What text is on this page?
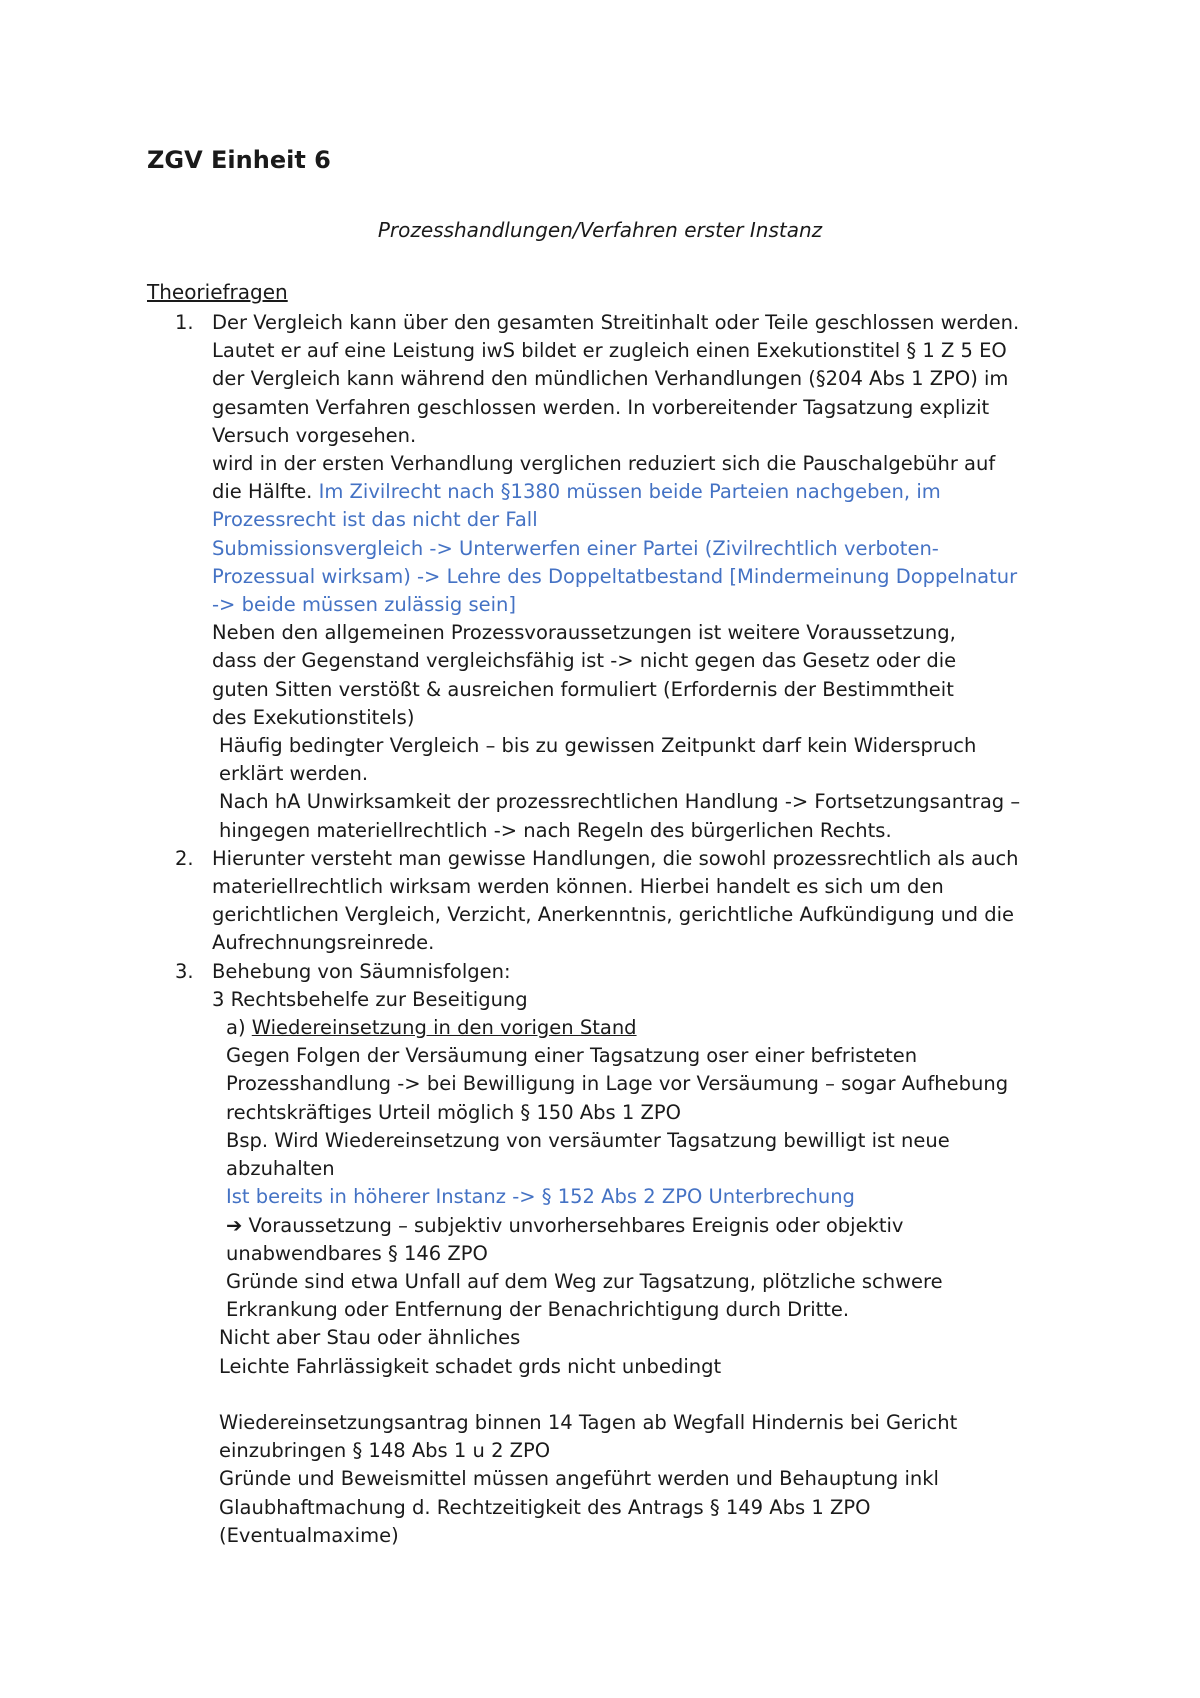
ZGV Einheit 6
Prozesshandlungen/Verfahren erster Instanz
Theoriefragen
1. Der Vergleich kann über den gesamten Streitinhalt oder Teile geschlossen werden.
Lautet er auf eine Leistung iwS bildet er zugleich einen Exekutionstitel § 1 Z 5 EO
der Vergleich kann während den mündlichen Verhandlungen (§204 Abs 1 ZPO) im
gesamten Verfahren geschlossen werden. In vorbereitender Tagsatzung explizit
Versuch vorgesehen.
wird in der ersten Verhandlung verglichen reduziert sich die Pauschalgebühr auf
die Hälfte. Im Zivilrecht nach §1380 müssen beide Parteien nachgeben, im
Prozessrecht ist das nicht der Fall
Submissionsvergleich -> Unterwerfen einer Partei (Zivilrechtlich verboten-
Prozessual wirksam) -> Lehre des Doppeltatbestand [Mindermeinung Doppelnatur
-> beide müssen zulässig sein]
Neben den allgemeinen Prozessvoraussetzungen ist weitere Voraussetzung,
dass der Gegenstand vergleichsfähig ist -> nicht gegen das Gesetz oder die
guten Sitten verstößt & ausreichen formuliert (Erfordernis der Bestimmtheit
des Exekutionstitels)
Häufig bedingter Vergleich – bis zu gewissen Zeitpunkt darf kein Widerspruch
erklärt werden.
Nach hA Unwirksamkeit der prozessrechtlichen Handlung -> Fortsetzungsantrag –
hingegen materiellrechtlich -> nach Regeln des bürgerlichen Rechts.
2. Hierunter versteht man gewisse Handlungen, die sowohl prozessrechtlich als auch
materiellrechtlich wirksam werden können. Hierbei handelt es sich um den
gerichtlichen Vergleich, Verzicht, Anerkenntnis, gerichtliche Aufkündigung und die
Aufrechnungsreinrede.
3. Behebung von Säumnisfolgen:
3 Rechtsbehelfe zur Beseitigung
a) Wiedereinsetzung in den vorigen Stand
Gegen Folgen der Versäumung einer Tagsatzung oser einer befristeten
Prozesshandlung -> bei Bewilligung in Lage vor Versäumung – sogar Aufhebung
rechtskräftiges Urteil möglich § 150 Abs 1 ZPO
Bsp. Wird Wiedereinsetzung von versäumter Tagsatzung bewilligt ist neue
abzuhalten
Ist bereits in höherer Instanz -> § 152 Abs 2 ZPO Unterbrechung
➔ Voraussetzung – subjektiv unvorhersehbares Ereignis oder objektiv
unabwendbares § 146 ZPO
Gründe sind etwa Unfall auf dem Weg zur Tagsatzung, plötzliche schwere
Erkrankung oder Entfernung der Benachrichtigung durch Dritte.
Nicht aber Stau oder ähnliches
Leichte Fahrlässigkeit schadet grds nicht unbedingt
Wiedereinsetzungsantrag binnen 14 Tagen ab Wegfall Hindernis bei Gericht
einzubringen § 148 Abs 1 u 2 ZPO
Gründe und Beweismittel müssen angeführt werden und Behauptung inkl
Glaubhaftmachung d. Rechtzeitigkeit des Antrags § 149 Abs 1 ZPO
(Eventualmaxime)
